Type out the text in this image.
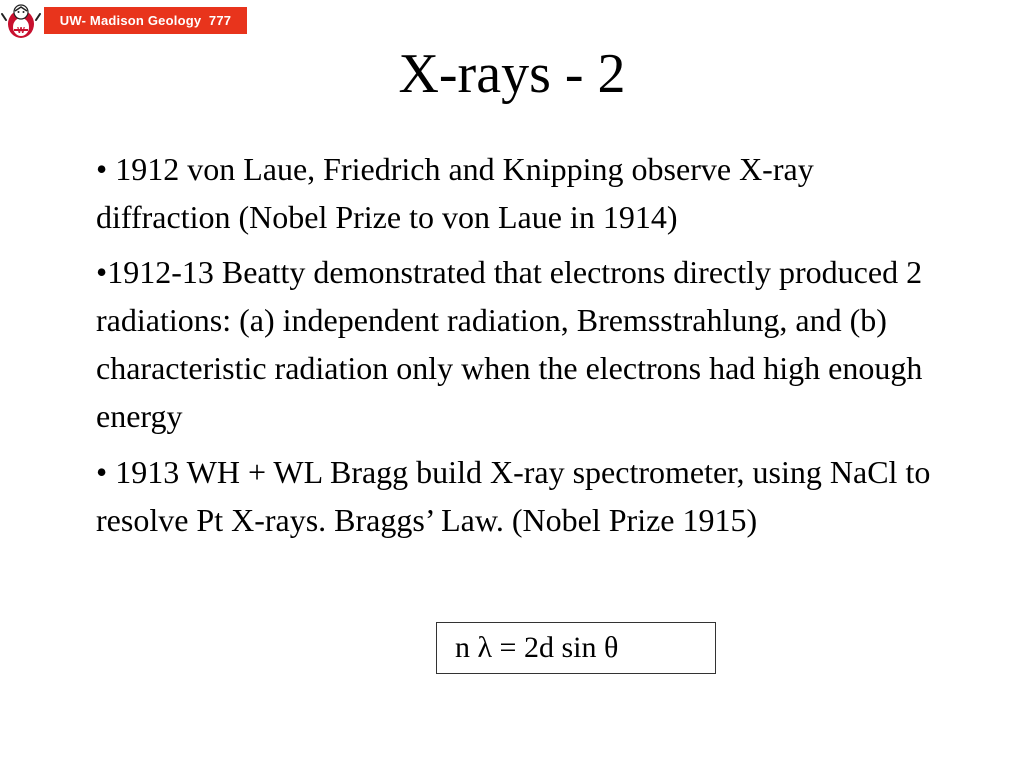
W
UW- Madison Geology  777
X-rays - 2
• 1912 von Laue, Friedrich and Knipping observe X-ray diffraction (Nobel Prize to von Laue in 1914)
•1912-13 Beatty demonstrated that electrons directly produced 2 radiations: (a) independent radiation, Bremsstrahlung, and (b) characteristic radiation only when the electrons had high enough energy
• 1913 WH + WL Bragg build X-ray spectrometer, using NaCl to resolve Pt X-rays. Braggs’ Law. (Nobel Prize 1915)
n λ = 2d sin θ
